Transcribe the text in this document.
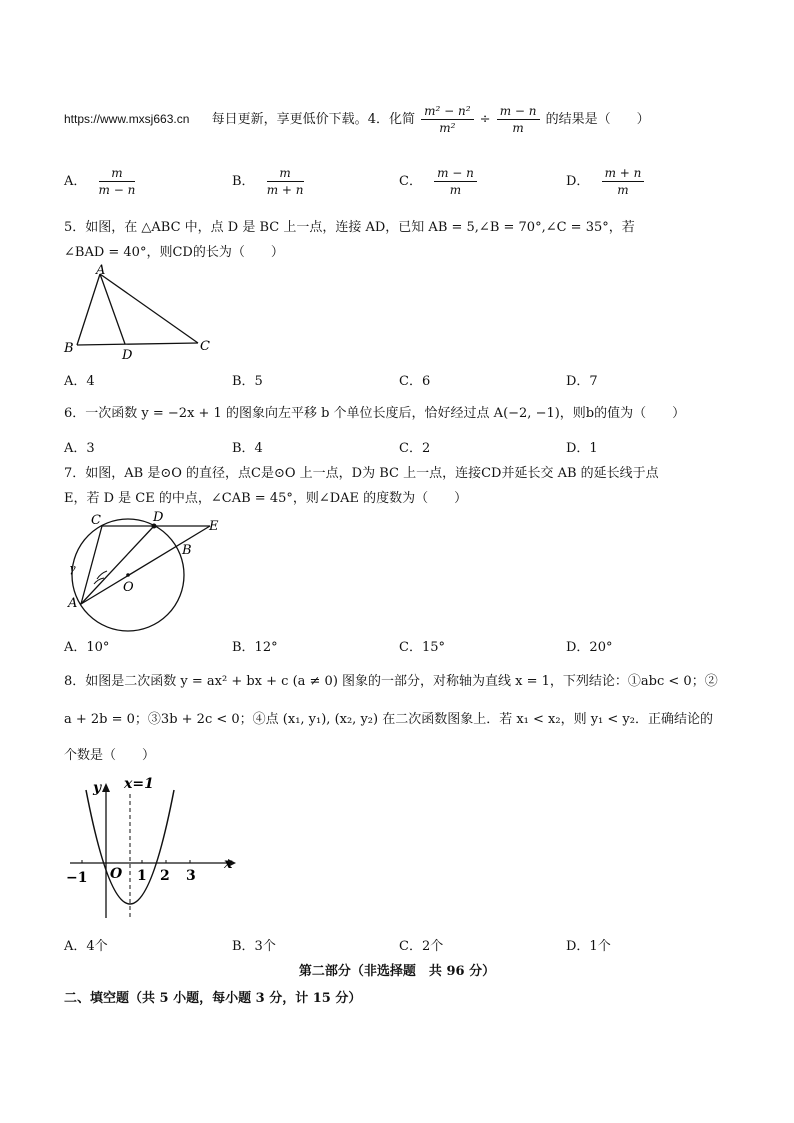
https://www.mxsj663.cn 每日更新，享更低价下载。4．化简 $\frac{\text{m² − n²}}{\text{m²}} \div \frac{m - n}{m}$ 的结果是（　　）
A． $\frac{m}{m - n}$	B． $\frac{m}{m + n}$	C． $\frac{m - n}{m}$	D． $\frac{m + n}{m}$
5．如图，在 △ABC 中，点 D 是 BC 上一点，连接 AD，已知 AB = 5,∠B = 70°,∠C = 35°，若
∠BAD = 40°，则CD的长为（　　）
A
B	D
C
A．4	B．5	C．6	D．7
6．一次函数 y = −2x + 1 的图象向左平移 b 个单位长度后，恰好经过点 A(−2, −1)，则b的值为（　　）
A．3	B．4	C．2	D．1
7．如图，AB 是⊙O 的直径，点C是⊙O 上一点，D为 BC 上一点，连接CD并延长交 AB 的延长线于点
E，若 D 是 CE 的中点，∠CAB = 45°，则∠DAE 的度数为（　　）
C	D
E
B
O
γ
A
A．10°	B．12°	C．15°	D．20°
8．如图是二次函数 y = ax² + bx + c (a ≠ 0) 图象的一部分，对称轴为直线 x = 1，下列结论：①abc < 0；②
a + 2b = 0；③3b + 2c < 0；④点 (x₁, y₁), (x₂, y₂) 在二次函数图象上．若 x₁ < x₂，则 y₁ < y₂．正确结论的
个数是（　　）
y x=1
x
−1 O 1 2 3
A．4个	B．3个	C．2个	D．1个
第二部分（非选择题　共 96 分）
二、填空题（共 5 小题，每小题 3 分，计 15 分）
